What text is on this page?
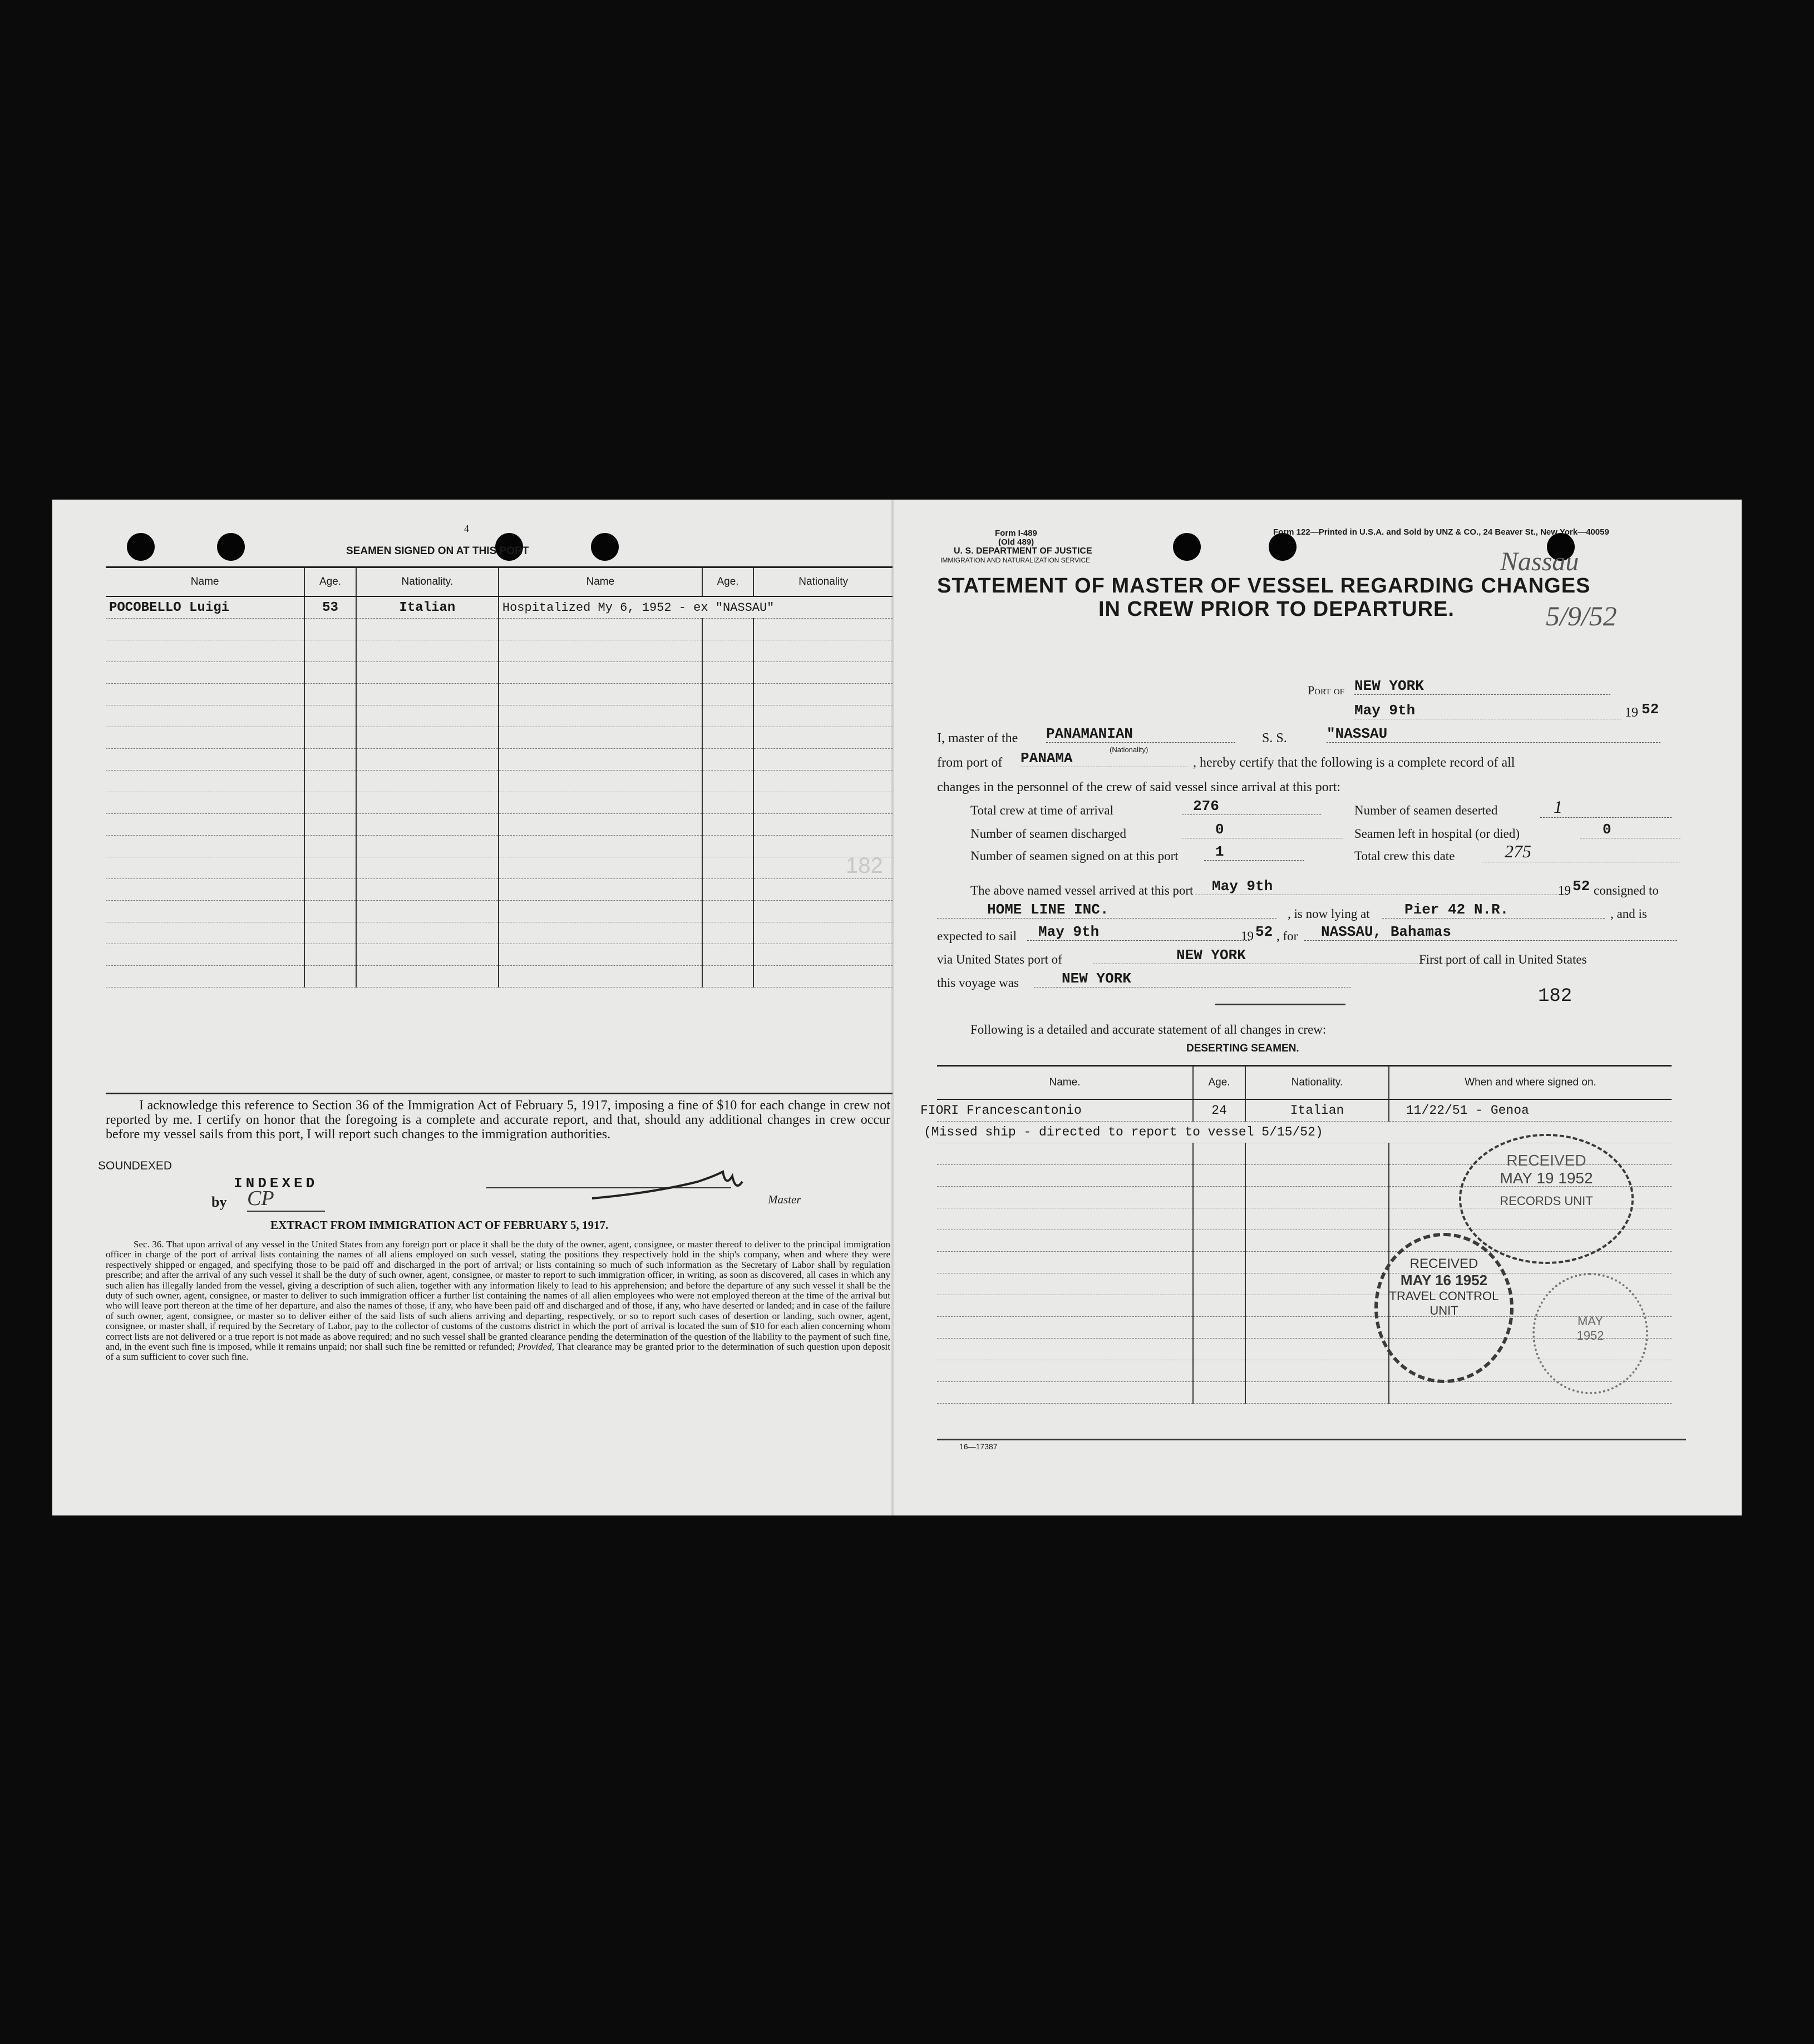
4
SEAMEN SIGNED ON AT THIS PORT
Name	Age.	Nationality.	Name	Age.	Nationality
POCOBELLO Luigi	53	Italian	Hospitalized My 6, 1952 - ex "NASSAU"		

I acknowledge this reference to Section 36 of the Immigration Act of February 5, 1917, imposing a fine of $10 for each change in crew not reported by me. I certify on honor that the foregoing is a complete and accurate report, and that, should any additional changes in crew occur before my vessel sails from this port, I will report such changes to the immigration authorities.
SOUNDEXED
INDEXED
by CP	Master
EXTRACT FROM IMMIGRATION ACT OF FEBRUARY 5, 1917.
Sec. 36. That upon arrival of any vessel in the United States from any foreign port or place it shall be the duty of the owner, agent, consignee, or master thereof to deliver to the principal immigration officer in charge of the port of arrival lists containing the names of all aliens employed on such vessel, stating the positions they respectively hold in the ship's company, when and where they were respectively shipped or engaged, and specifying those to be paid off and discharged in the port of arrival; or lists containing so much of such information as the Secretary of Labor shall by regulation prescribe; and after the arrival of any such vessel it shall be the duty of such owner, agent, consignee, or master to report to such immigration officer, in writing, as soon as discovered, all cases in which any such alien has illegally landed from the vessel, giving a description of such alien, together with any information likely to lead to his apprehension; and before the departure of any such vessel it shall be the duty of such owner, agent, consignee, or master to deliver to such immigration officer a further list containing the names of all alien employees who were not employed thereon at the time of the arrival but who will leave port thereon at the time of her departure, and also the names of those, if any, who have been paid off and discharged and of those, if any, who have deserted or landed; and in case of the failure of such owner, agent, consignee, or master so to deliver either of the said lists of such aliens arriving and departing, respectively, or so to report such cases of desertion or landing, such owner, agent, consignee, or master shall, if required by the Secretary of Labor, pay to the collector of customs of the customs district in which the port of arrival is located the sum of $10 for each alien concerning whom correct lists are not delivered or a true report is not made as above required; and no such vessel shall be granted clearance pending the determination of the question of the liability to the payment of such fine, and, in the event such fine is imposed, while it remains unpaid; nor shall such fine be remitted or refunded; Provided, That clearance may be granted prior to the determination of such question upon deposit of a sum sufficient to cover such fine.
Form I-489
(Old 489)
U. S. DEPARTMENT OF JUSTICE
IMMIGRATION AND NATURALIZATION SERVICE
Form 122—Printed in U.S.A. and Sold by UNZ & CO., 24 Beaver St., New York—40059
Nassau
5/9/52
STATEMENT OF MASTER OF VESSEL REGARDING CHANGES
IN CREW PRIOR TO DEPARTURE.
Port of NEW YORK
May 9th	19 52
I, master of the PANAMANIAN
(Nationality)
S. S.	"NASSAU
from port of PANAMA	, hereby certify that the following is a complete record of all
changes in the personnel of the crew of said vessel since arrival at this port:
Total crew at time of arrival	276	Number of seamen deserted	1
Number of seamen discharged	0	Seamen left in hospital (or died)	0
Number of seamen signed on at this port	1	Total crew this date	275
182
The above named vessel arrived at this port	May 9th	19 52 consigned to
HOME LINE INC.	, is now lying at	Pier 42 N.R.	, and is
expected to sail	May 9th	19 52 , for	NASSAU, Bahamas
via United States port of	NEW YORK	First port of call in United States
this voyage was	NEW YORK
182
Following is a detailed and accurate statement of all changes in crew:
DESERTING SEAMEN.
Name.	Age.	Nationality.	When and where signed on.
FIORI Francescantonio	24	Italian	11/22/51 - Genoa
(Missed ship - directed to report to vessel 5/15/52)

16—17387
RECEIVED
MAY 19 1952
RECORDS UNIT
RECEIVED
MAY 16 1952
TRAVEL CONTROL
UNIT
MAY
1952
